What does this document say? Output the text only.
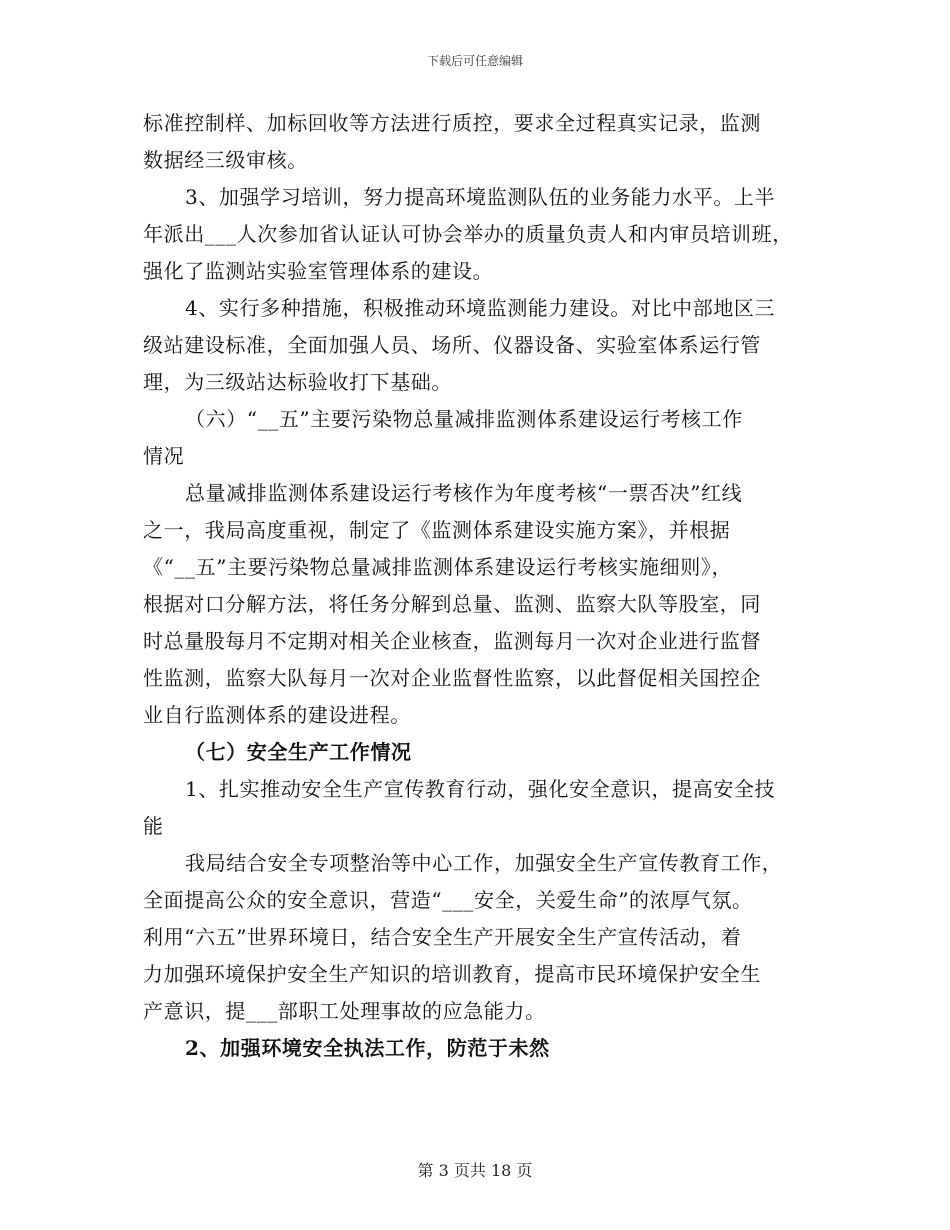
下载后可任意编辑
标准控制样、加标回收等方法进行质控，要求全过程真实记录，监测
数据经三级审核。
3、加强学习培训，努力提高环境监测队伍的业务能力水平。上半
年派出___人次参加省认证认可协会举办的质量负责人和内审员培训班，
强化了监测站实验室管理体系的建设。
4、实行多种措施，积极推动环境监测能力建设。对比中部地区三
级站建设标准，全面加强人员、场所、仪器设备、实验室体系运行管
理，为三级站达标验收打下基础。
（六）“__五”主要污染物总量减排监测体系建设运行考核工作
情况
总量减排监测体系建设运行考核作为年度考核“一票否决”红线
之一，我局高度重视，制定了《监测体系建设实施方案》，并根据
《“__五”主要污染物总量减排监测体系建设运行考核实施细则》，
根据对口分解方法，将任务分解到总量、监测、监察大队等股室，同
时总量股每月不定期对相关企业核查，监测每月一次对企业进行监督
性监测，监察大队每月一次对企业监督性监察，以此督促相关国控企
业自行监测体系的建设进程。
（七）安全生产工作情况
1、扎实推动安全生产宣传教育行动，强化安全意识，提高安全技
能
我局结合安全专项整治等中心工作，加强安全生产宣传教育工作，
全面提高公众的安全意识，营造“___安全，关爱生命”的浓厚气氛。
利用“六五”世界环境日，结合安全生产开展安全生产宣传活动，着
力加强环境保护安全生产知识的培训教育，提高市民环境保护安全生
产意识，提___部职工处理事故的应急能力。
2、加强环境安全执法工作，防范于未然
第 3 页共 18 页
